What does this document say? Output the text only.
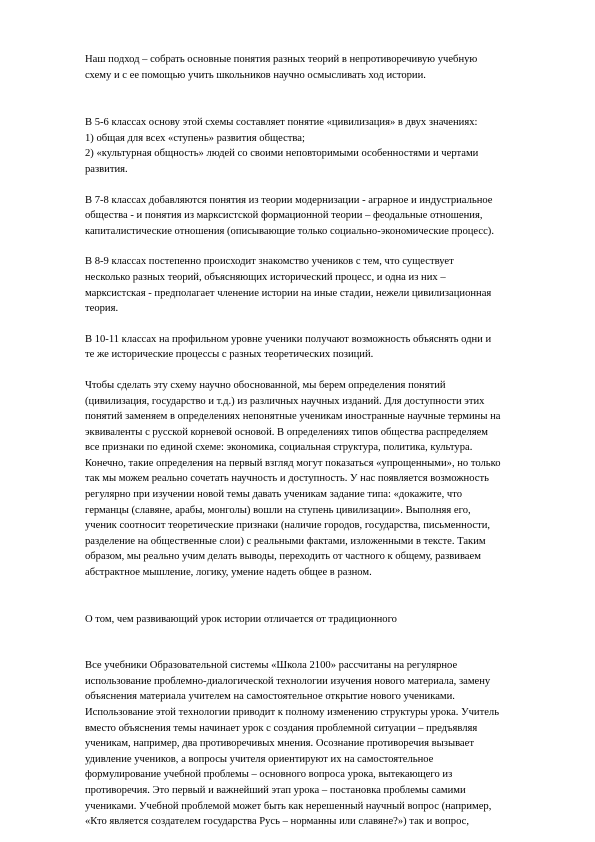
Наш подход – собрать основные понятия разных теорий в непротиворечивую учебную
схему и с ее помощью учить школьников научно осмысливать ход истории.

В 5-6 классах основу этой схемы составляет понятие «цивилизация» в двух значениях:
1) общая для всех «ступень» развития общества;
2) «культурная общность» людей со своими неповторимыми особенностями и чертами
развития.

В 7-8 классах добавляются понятия из теории модернизации - аграрное и индустриальное
общества - и понятия из марксистской формационной теории – феодальные отношения,
капиталистические отношения (описывающие только социально-экономические процесс).

В 8-9 классах постепенно происходит знакомство учеников с тем, что существует
несколько разных теорий, объясняющих исторический процесс, и одна из них –
марксистская - предполагает членение истории на иные стадии, нежели цивилизационная
теория.

В 10-11 классах на профильном уровне ученики получают возможность объяснять одни и
те же исторические процессы с разных теоретических позиций.

Чтобы сделать эту схему научно обоснованной, мы берем определения понятий
(цивилизация, государство и т.д.) из различных научных изданий. Для доступности этих
понятий заменяем в определениях непонятные ученикам иностранные научные термины на
эквиваленты с русской корневой основой. В определениях типов общества распределяем
все признаки по единой схеме: экономика, социальная структура, политика, культура.
Конечно, такие определения на первый взгляд могут показаться «упрощенными», но только
так мы можем реально сочетать научность и доступность. У нас появляется возможность
регулярно при изучении новой темы давать ученикам задание типа: «докажите, что
германцы (славяне, арабы, монголы) вошли на ступень цивилизации». Выполняя его,
ученик соотносит теоретические признаки (наличие городов, государства, письменности,
разделение на общественные слои) с реальными фактами, изложенными в тексте. Таким
образом, мы реально учим делать выводы, переходить от частного к общему, развиваем
абстрактное мышление, логику, умение надеть общее в разном.

О том, чем развивающий урок истории отличается от традиционного

Все учебники Образовательной системы «Школа 2100» рассчитаны на регулярное
использование проблемно-диалогической технологии изучения нового материала, замену
объяснения материала учителем на самостоятельное открытие нового учениками.
Использование этой технологии приводит к полному изменению структуры урока. Учитель
вместо объяснения темы начинает урок с создания проблемной ситуации – предъявляя
ученикам, например, два противоречивых мнения. Осознание противоречия вызывает
удивление учеников, а вопросы учителя ориентируют их на самостоятельное
формулирование учебной проблемы – основного вопроса урока, вытекающего из
противоречия. Это первый и важнейший этап урока – постановка проблемы самими
учениками. Учебной проблемой может быть как нерешенный научный вопрос (например,
«Кто является создателем государства Русь – норманны или славяне?») так и вопрос,
